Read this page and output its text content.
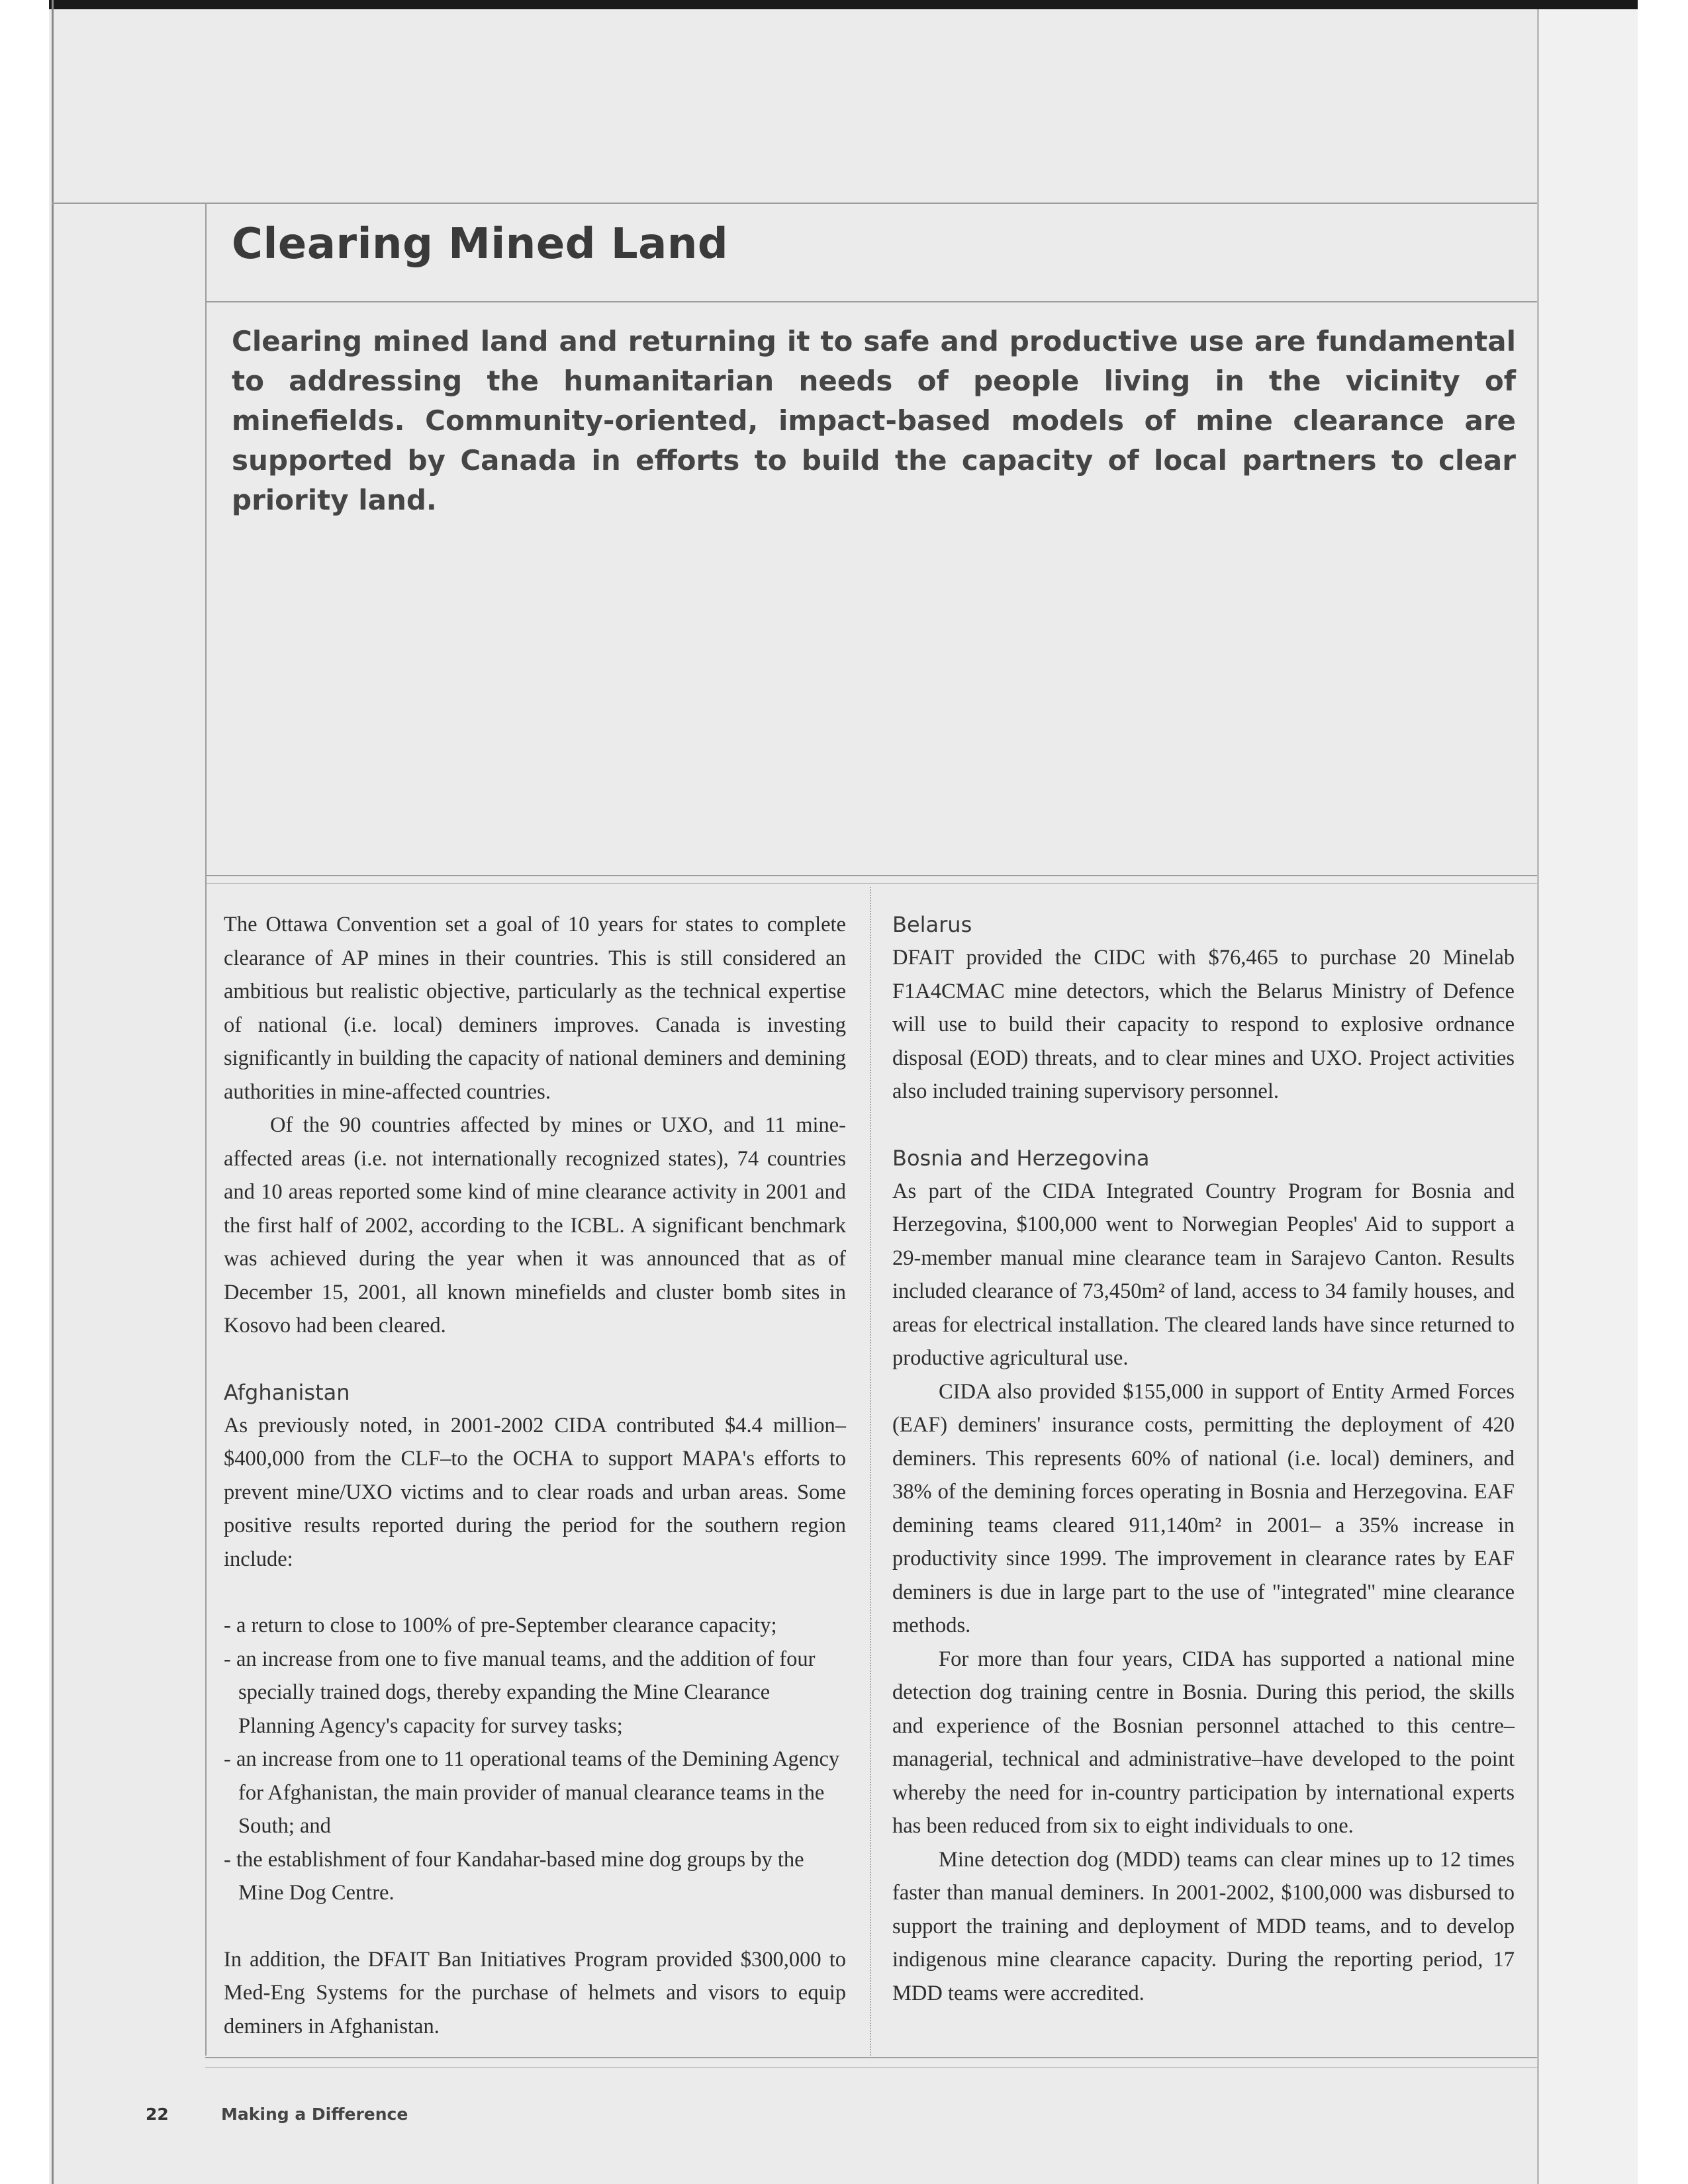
Clearing Mined Land

Clearing mined land and returning it to safe and productive use are fundamental to addressing the humanitarian needs of people living in the vicinity of minefields. Community-oriented, impact-based models of mine clearance are supported by Canada in efforts to build the capacity of local partners to clear priority land.

The Ottawa Convention set a goal of 10 years for states to complete clearance of AP mines in their countries. This is still considered an ambitious but realistic objective, particularly as the technical expertise of national (i.e. local) deminers improves. Canada is investing significantly in building the capacity of national deminers and demining authorities in mine-affected countries.

Of the 90 countries affected by mines or UXO, and 11 mine-affected areas (i.e. not internationally recognized states), 74 countries and 10 areas reported some kind of mine clearance activity in 2001 and the first half of 2002, according to the ICBL. A significant benchmark was achieved during the year when it was announced that as of December 15, 2001, all known minefields and cluster bomb sites in Kosovo had been cleared.

Afghanistan

As previously noted, in 2001-2002 CIDA contributed $4.4 million–$400,000 from the CLF–to the OCHA to support MAPA's efforts to prevent mine/UXO victims and to clear roads and urban areas. Some positive results reported during the period for the southern region include:

- a return to close to 100% of pre-September clearance capacity;
- an increase from one to five manual teams, and the addition of four specially trained dogs, thereby expanding the Mine Clearance Planning Agency's capacity for survey tasks;
- an increase from one to 11 operational teams of the Demining Agency for Afghanistan, the main provider of manual clearance teams in the South; and
- the establishment of four Kandahar-based mine dog groups by the Mine Dog Centre.

In addition, the DFAIT Ban Initiatives Program provided $300,000 to Med-Eng Systems for the purchase of helmets and visors to equip deminers in Afghanistan.

Belarus

DFAIT provided the CIDC with $76,465 to purchase 20 Minelab F1A4CMAC mine detectors, which the Belarus Ministry of Defence will use to build their capacity to respond to explosive ordnance disposal (EOD) threats, and to clear mines and UXO. Project activities also included training supervisory personnel.

Bosnia and Herzegovina

As part of the CIDA Integrated Country Program for Bosnia and Herzegovina, $100,000 went to Norwegian Peoples' Aid to support a 29-member manual mine clearance team in Sarajevo Canton. Results included clearance of 73,450m² of land, access to 34 family houses, and areas for electrical installation. The cleared lands have since returned to productive agricultural use.

CIDA also provided $155,000 in support of Entity Armed Forces (EAF) deminers' insurance costs, permitting the deployment of 420 deminers. This represents 60% of national (i.e. local) deminers, and 38% of the demining forces operating in Bosnia and Herzegovina. EAF demining teams cleared 911,140m² in 2001– a 35% increase in productivity since 1999. The improvement in clearance rates by EAF deminers is due in large part to the use of "integrated" mine clearance methods.

For more than four years, CIDA has supported a national mine detection dog training centre in Bosnia. During this period, the skills and experience of the Bosnian personnel attached to this centre–managerial, technical and administrative–have developed to the point whereby the need for in-country participation by international experts has been reduced from six to eight individuals to one.

Mine detection dog (MDD) teams can clear mines up to 12 times faster than manual deminers. In 2001-2002, $100,000 was disbursed to support the training and deployment of MDD teams, and to develop indigenous mine clearance capacity. During the reporting period, 17 MDD teams were accredited.

22	Making a Difference
